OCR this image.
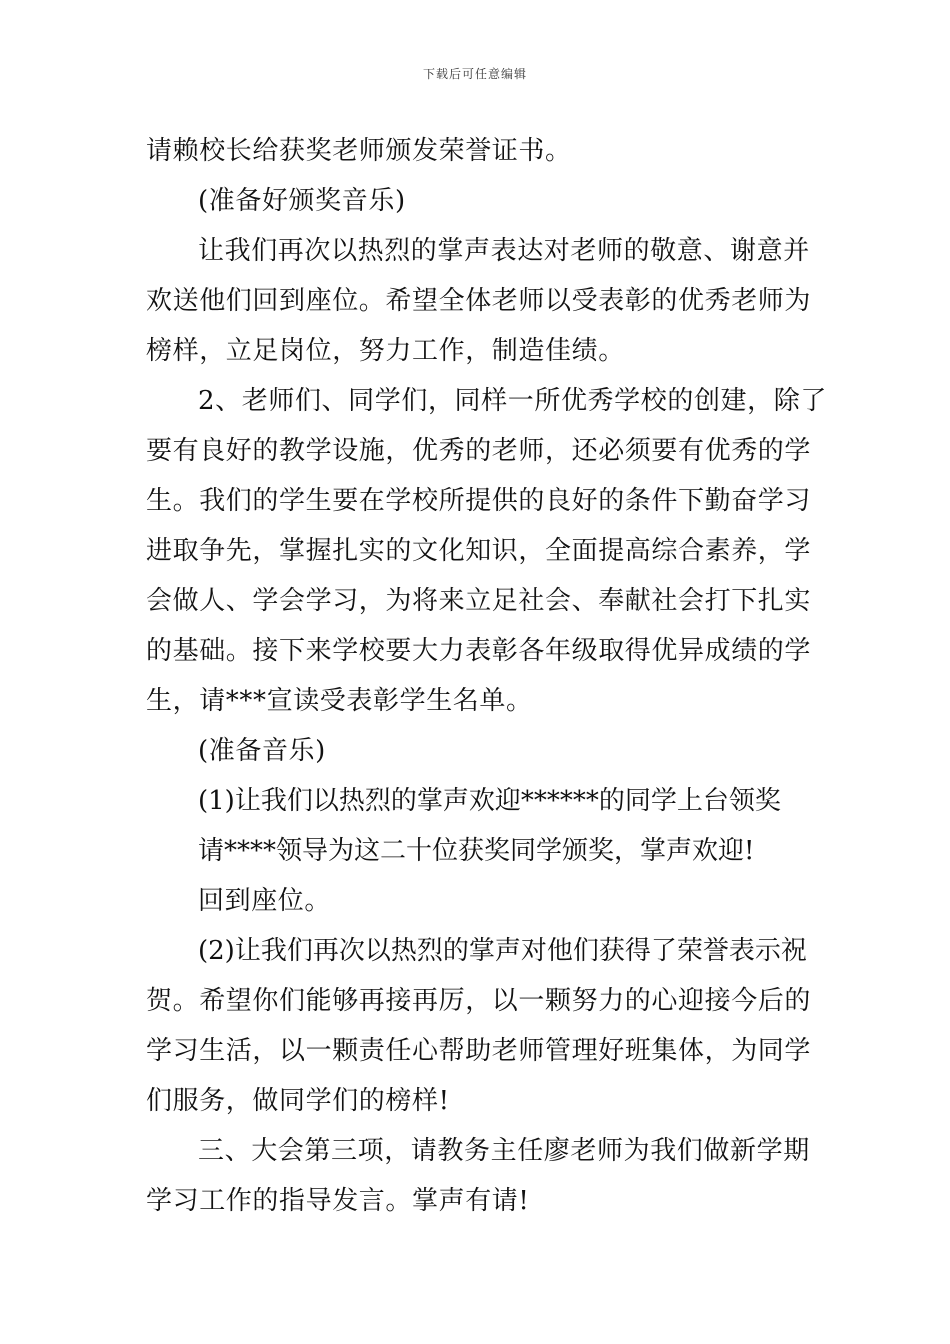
下载后可任意编辑
请赖校长给获奖老师颁发荣誉证书。
(准备好颁奖音乐)
让我们再次以热烈的掌声表达对老师的敬意、谢意并
欢送他们回到座位。希望全体老师以受表彰的优秀老师为
榜样，立足岗位，努力工作，制造佳绩。
2、老师们、同学们，同样一所优秀学校的创建，除了
要有良好的教学设施，优秀的老师，还必须要有优秀的学
生。我们的学生要在学校所提供的良好的条件下勤奋学习
进取争先，掌握扎实的文化知识，全面提高综合素养，学
会做人、学会学习，为将来立足社会、奉献社会打下扎实
的基础。接下来学校要大力表彰各年级取得优异成绩的学
生，请***宣读受表彰学生名单。
(准备音乐)
(1)让我们以热烈的掌声欢迎******的同学上台领奖
请****领导为这二十位获奖同学颁奖，掌声欢迎!
回到座位。
(2)让我们再次以热烈的掌声对他们获得了荣誉表示祝
贺。希望你们能够再接再厉，以一颗努力的心迎接今后的
学习生活，以一颗责任心帮助老师管理好班集体，为同学
们服务，做同学们的榜样!
三、大会第三项，请教务主任廖老师为我们做新学期
学习工作的指导发言。掌声有请!
